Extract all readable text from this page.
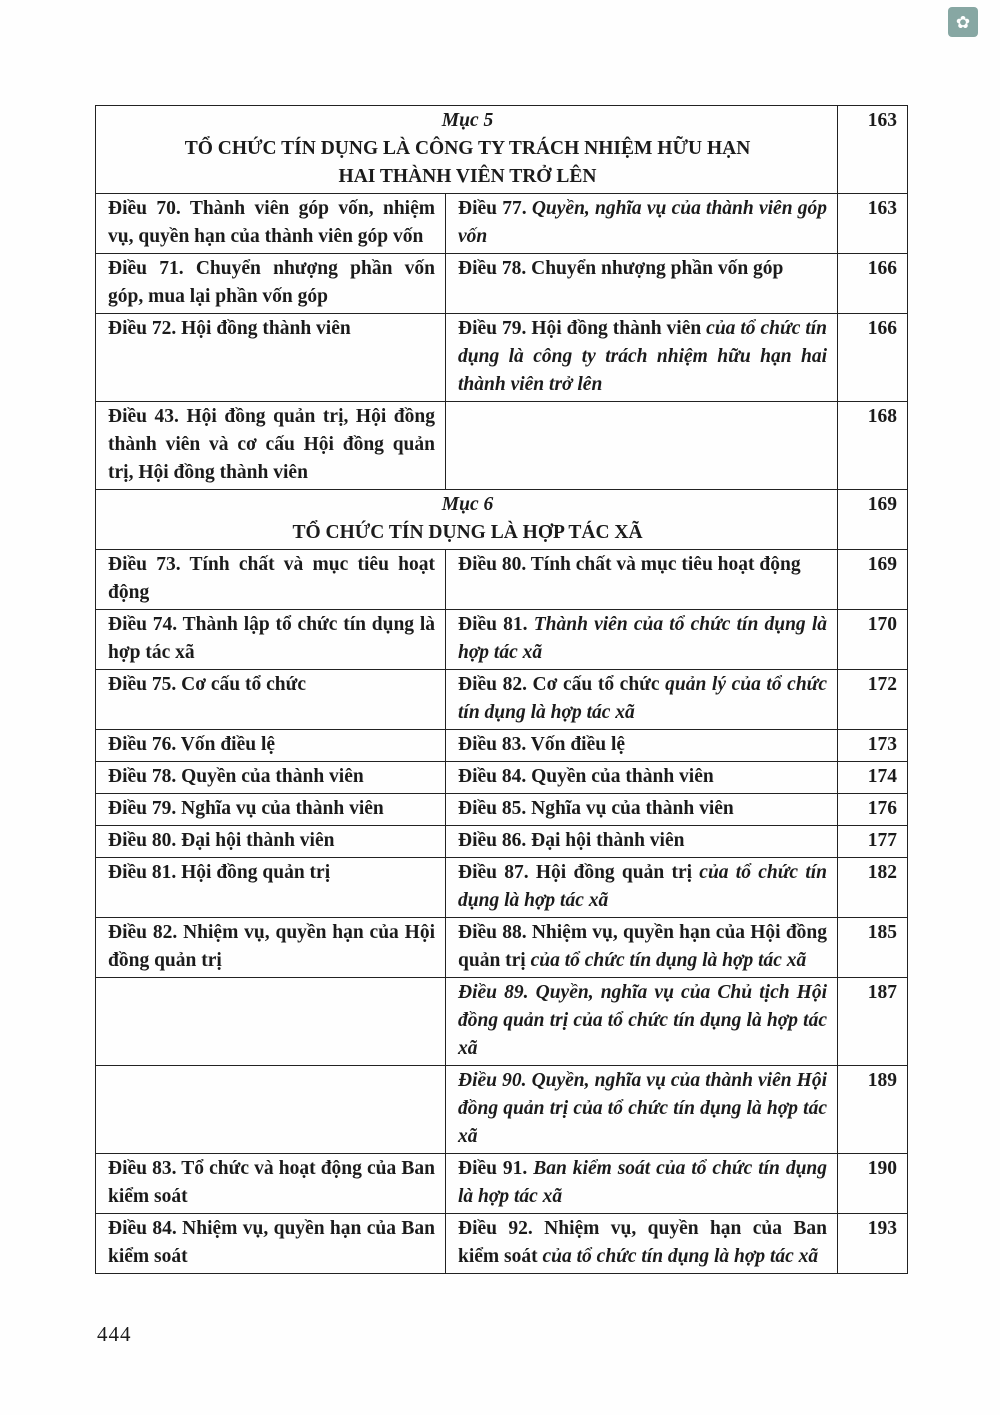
✿
Mục 5
TỔ CHỨC TÍN DỤNG LÀ CÔNG TY TRÁCH NHIỆM HỮU HẠN
HAI THÀNH VIÊN TRỞ LÊN		163
Điều 70. Thành viên góp vốn, nhiệm vụ, quyền hạn của thành viên góp vốn	Điều 77. Quyền, nghĩa vụ của thành viên góp vốn	163
Điều 71. Chuyển nhượng phần vốn góp, mua lại phần vốn góp	Điều 78. Chuyển nhượng phần vốn góp	166
Điều 72. Hội đồng thành viên	Điều 79. Hội đồng thành viên của tổ chức tín dụng là công ty trách nhiệm hữu hạn hai thành viên trở lên	166
Điều 43. Hội đồng quản trị, Hội đồng thành viên và cơ cấu Hội đồng quản trị, Hội đồng thành viên		168

Mục 6
TỔ CHỨC TÍN DỤNG LÀ HỢP TÁC XÃ		169
Điều 73. Tính chất và mục tiêu hoạt động	Điều 80. Tính chất và mục tiêu hoạt động	169
Điều 74. Thành lập tổ chức tín dụng là hợp tác xã	Điều 81. Thành viên của tổ chức tín dụng là hợp tác xã	170
Điều 75. Cơ cấu tổ chức	Điều 82. Cơ cấu tổ chức quản lý của tổ chức tín dụng là hợp tác xã	172
Điều 76. Vốn điều lệ	Điều 83. Vốn điều lệ	173
Điều 78. Quyền của thành viên	Điều 84. Quyền của thành viên	174
Điều 79. Nghĩa vụ của thành viên	Điều 85. Nghĩa vụ của thành viên	176
Điều 80. Đại hội thành viên	Điều 86. Đại hội thành viên	177
Điều 81. Hội đồng quản trị	Điều 87. Hội đồng quản trị của tổ chức tín dụng là hợp tác xã	182
Điều 82. Nhiệm vụ, quyền hạn của Hội đồng quản trị	Điều 88. Nhiệm vụ, quyền hạn của Hội đồng quản trị của tổ chức tín dụng là hợp tác xã	185
	Điều 89. Quyền, nghĩa vụ của Chủ tịch Hội đồng quản trị của tổ chức tín dụng là hợp tác xã	187
	Điều 90. Quyền, nghĩa vụ của thành viên Hội đồng quản trị của tổ chức tín dụng là hợp tác xã	189
Điều 83. Tổ chức và hoạt động của Ban kiểm soát	Điều 91. Ban kiểm soát của tổ chức tín dụng là hợp tác xã	190
Điều 84. Nhiệm vụ, quyền hạn của Ban kiểm soát	Điều 92. Nhiệm vụ, quyền hạn của Ban kiểm soát của tổ chức tín dụng là hợp tác xã	193
444
